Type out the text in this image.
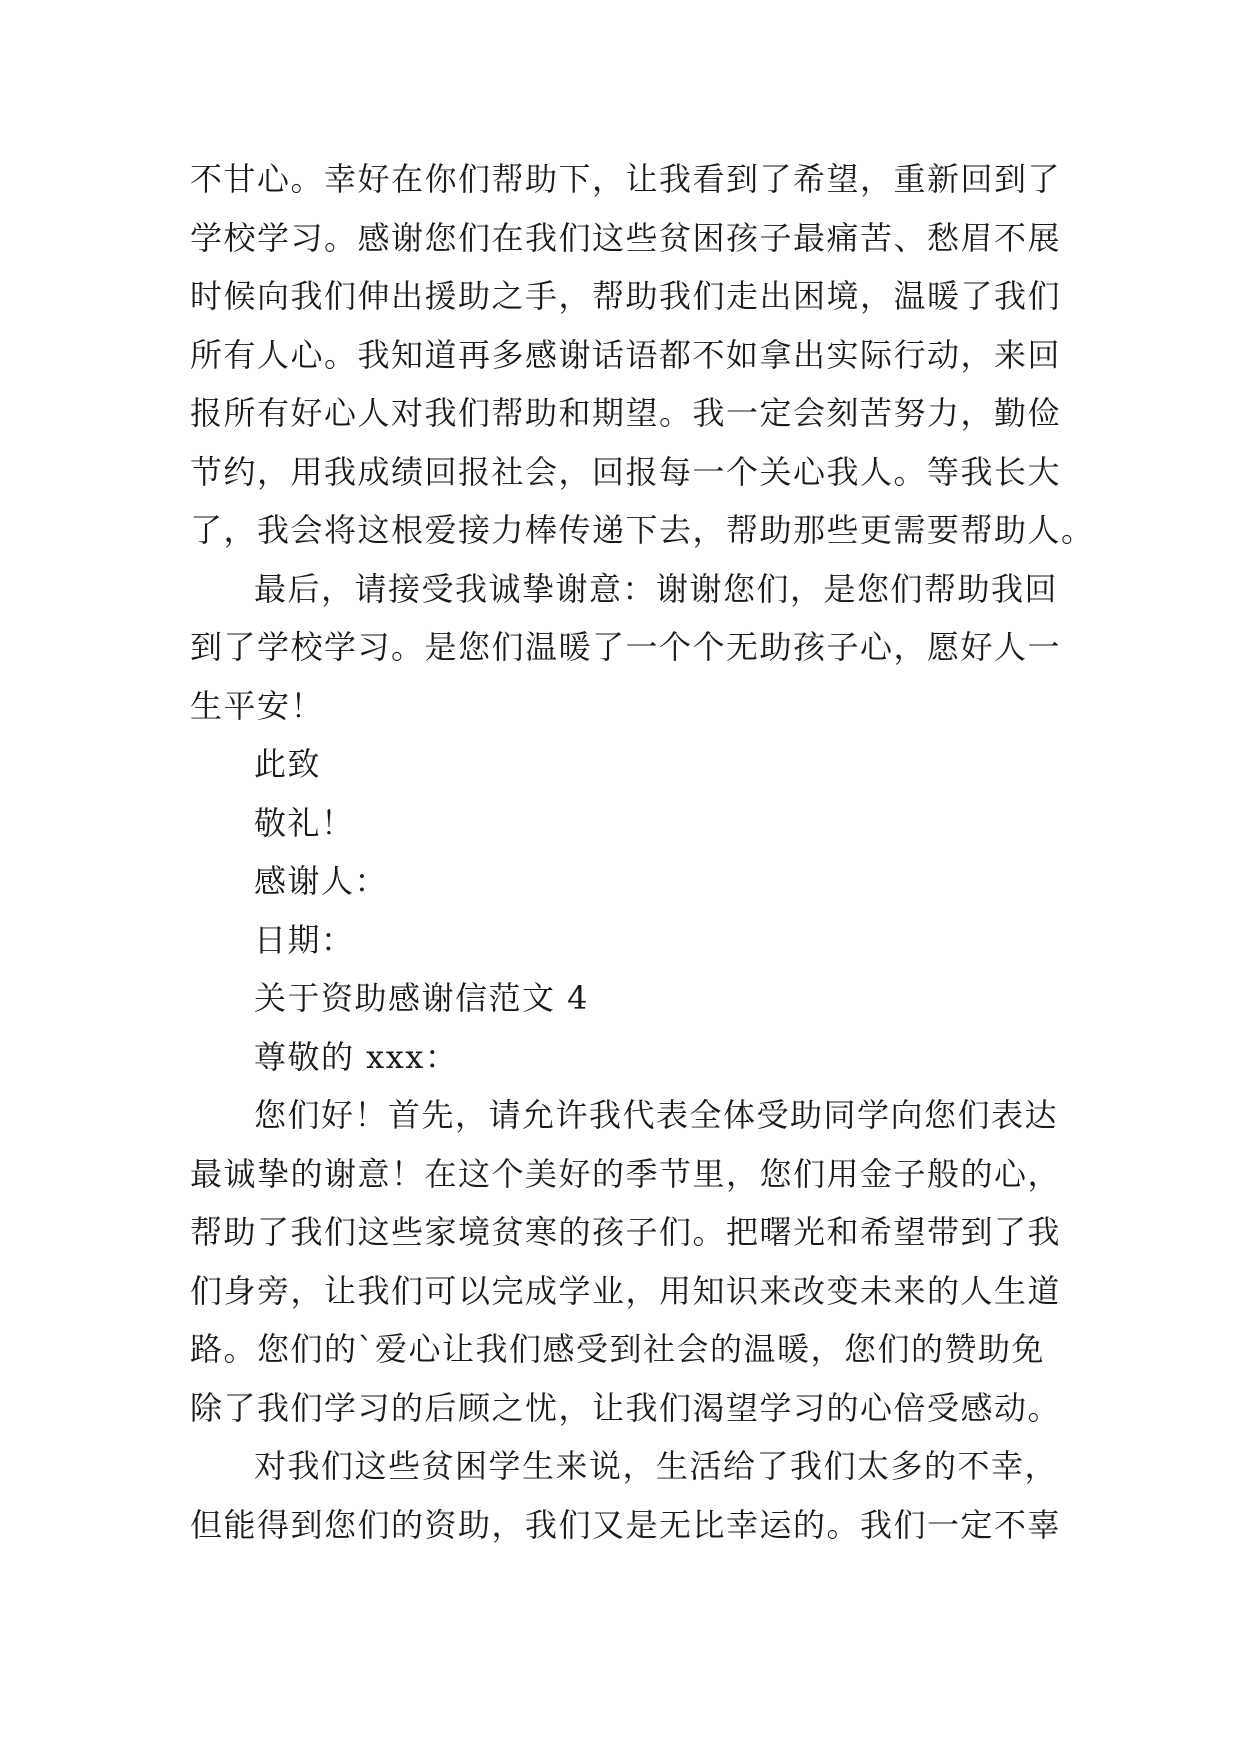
不甘心。幸好在你们帮助下，让我看到了希望，重新回到了
学校学习。感谢您们在我们这些贫困孩子最痛苦、愁眉不展
时候向我们伸出援助之手，帮助我们走出困境，温暖了我们
所有人心。我知道再多感谢话语都不如拿出实际行动，来回
报所有好心人对我们帮助和期望。我一定会刻苦努力，勤俭
节约，用我成绩回报社会，回报每一个关心我人。等我长大
了，我会将这根爱接力棒传递下去，帮助那些更需要帮助人。
最后，请接受我诚挚谢意：谢谢您们，是您们帮助我回
到了学校学习。是您们温暖了一个个无助孩子心，愿好人一
生平安！
此致
敬礼！
感谢人：
日期：
关于资助感谢信范文 4
尊敬的 xxx：
您们好！首先，请允许我代表全体受助同学向您们表达
最诚挚的谢意！在这个美好的季节里，您们用金子般的心，
帮助了我们这些家境贫寒的孩子们。把曙光和希望带到了我
们身旁，让我们可以完成学业，用知识来改变未来的人生道
路。您们的`爱心让我们感受到社会的温暖，您们的赞助免
除了我们学习的后顾之忧，让我们渴望学习的心倍受感动。
对我们这些贫困学生来说，生活给了我们太多的不幸，
但能得到您们的资助，我们又是无比幸运的。我们一定不辜
